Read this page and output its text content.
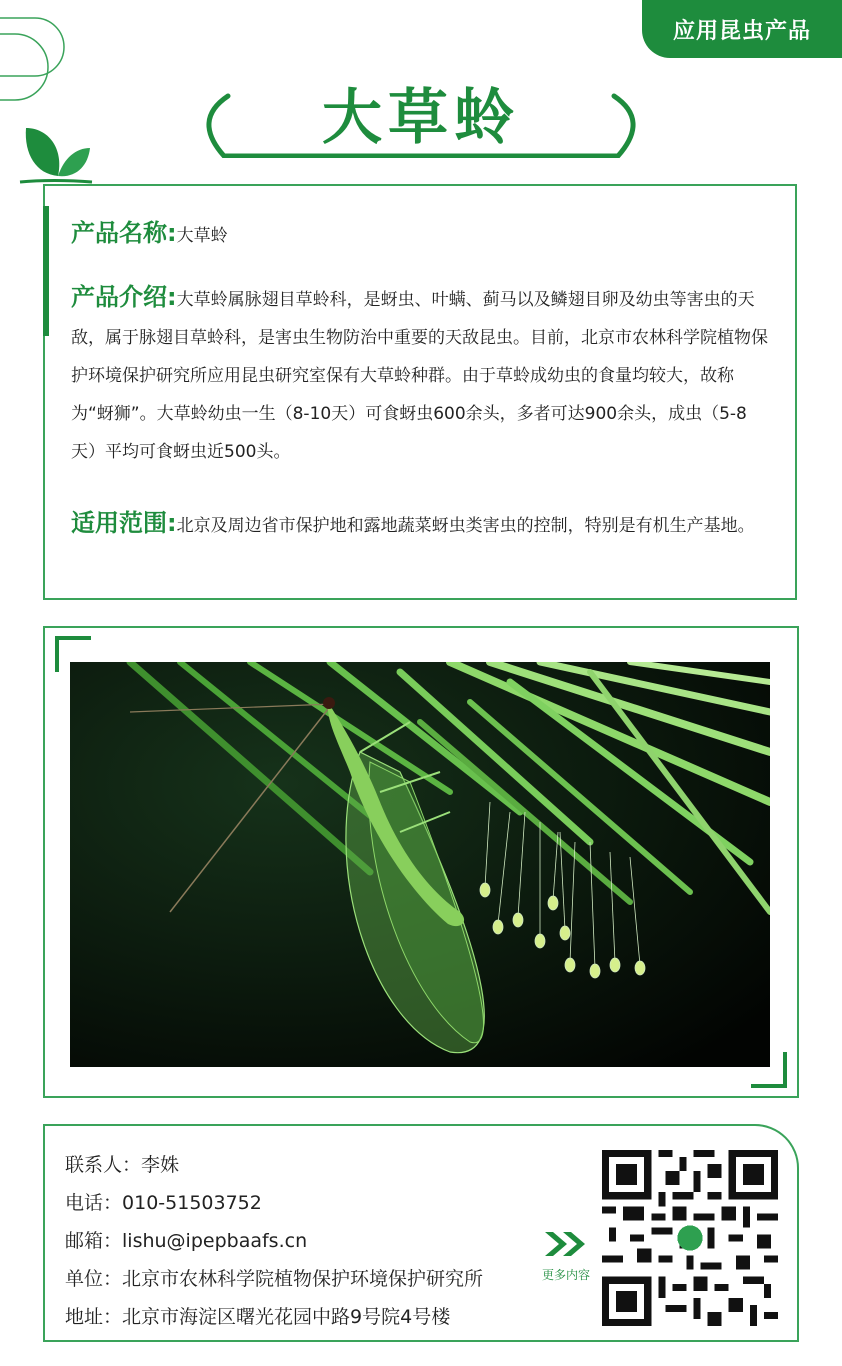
应用昆虫产品
大草蛉
产品名称:大草蛉
产品介绍:大草蛉属脉翅目草蛉科，是蚜虫、叶螨、蓟马以及鳞翅目卵及幼虫等害虫的天敌，属于脉翅目草蛉科，是害虫生物防治中重要的天敌昆虫。目前，北京市农林科学院植物保护环境保护研究所应用昆虫研究室保有大草蛉种群。由于草蛉成幼虫的食量均较大，故称为“蚜狮”。大草蛉幼虫一生（8-10天）可食蚜虫600余头，多者可达900余头，成虫（5-8 天）平均可食蚜虫近500头。
适用范围:北京及周边省市保护地和露地蔬菜蚜虫类害虫的控制，特别是有机生产基地。
联系人：李姝
电话：010-51503752
邮箱：lishu@ipepbaafs.cn
单位：北京市农林科学院植物保护环境保护研究所
地址：北京市海淀区曙光花园中路9号院4号楼
更多内容
